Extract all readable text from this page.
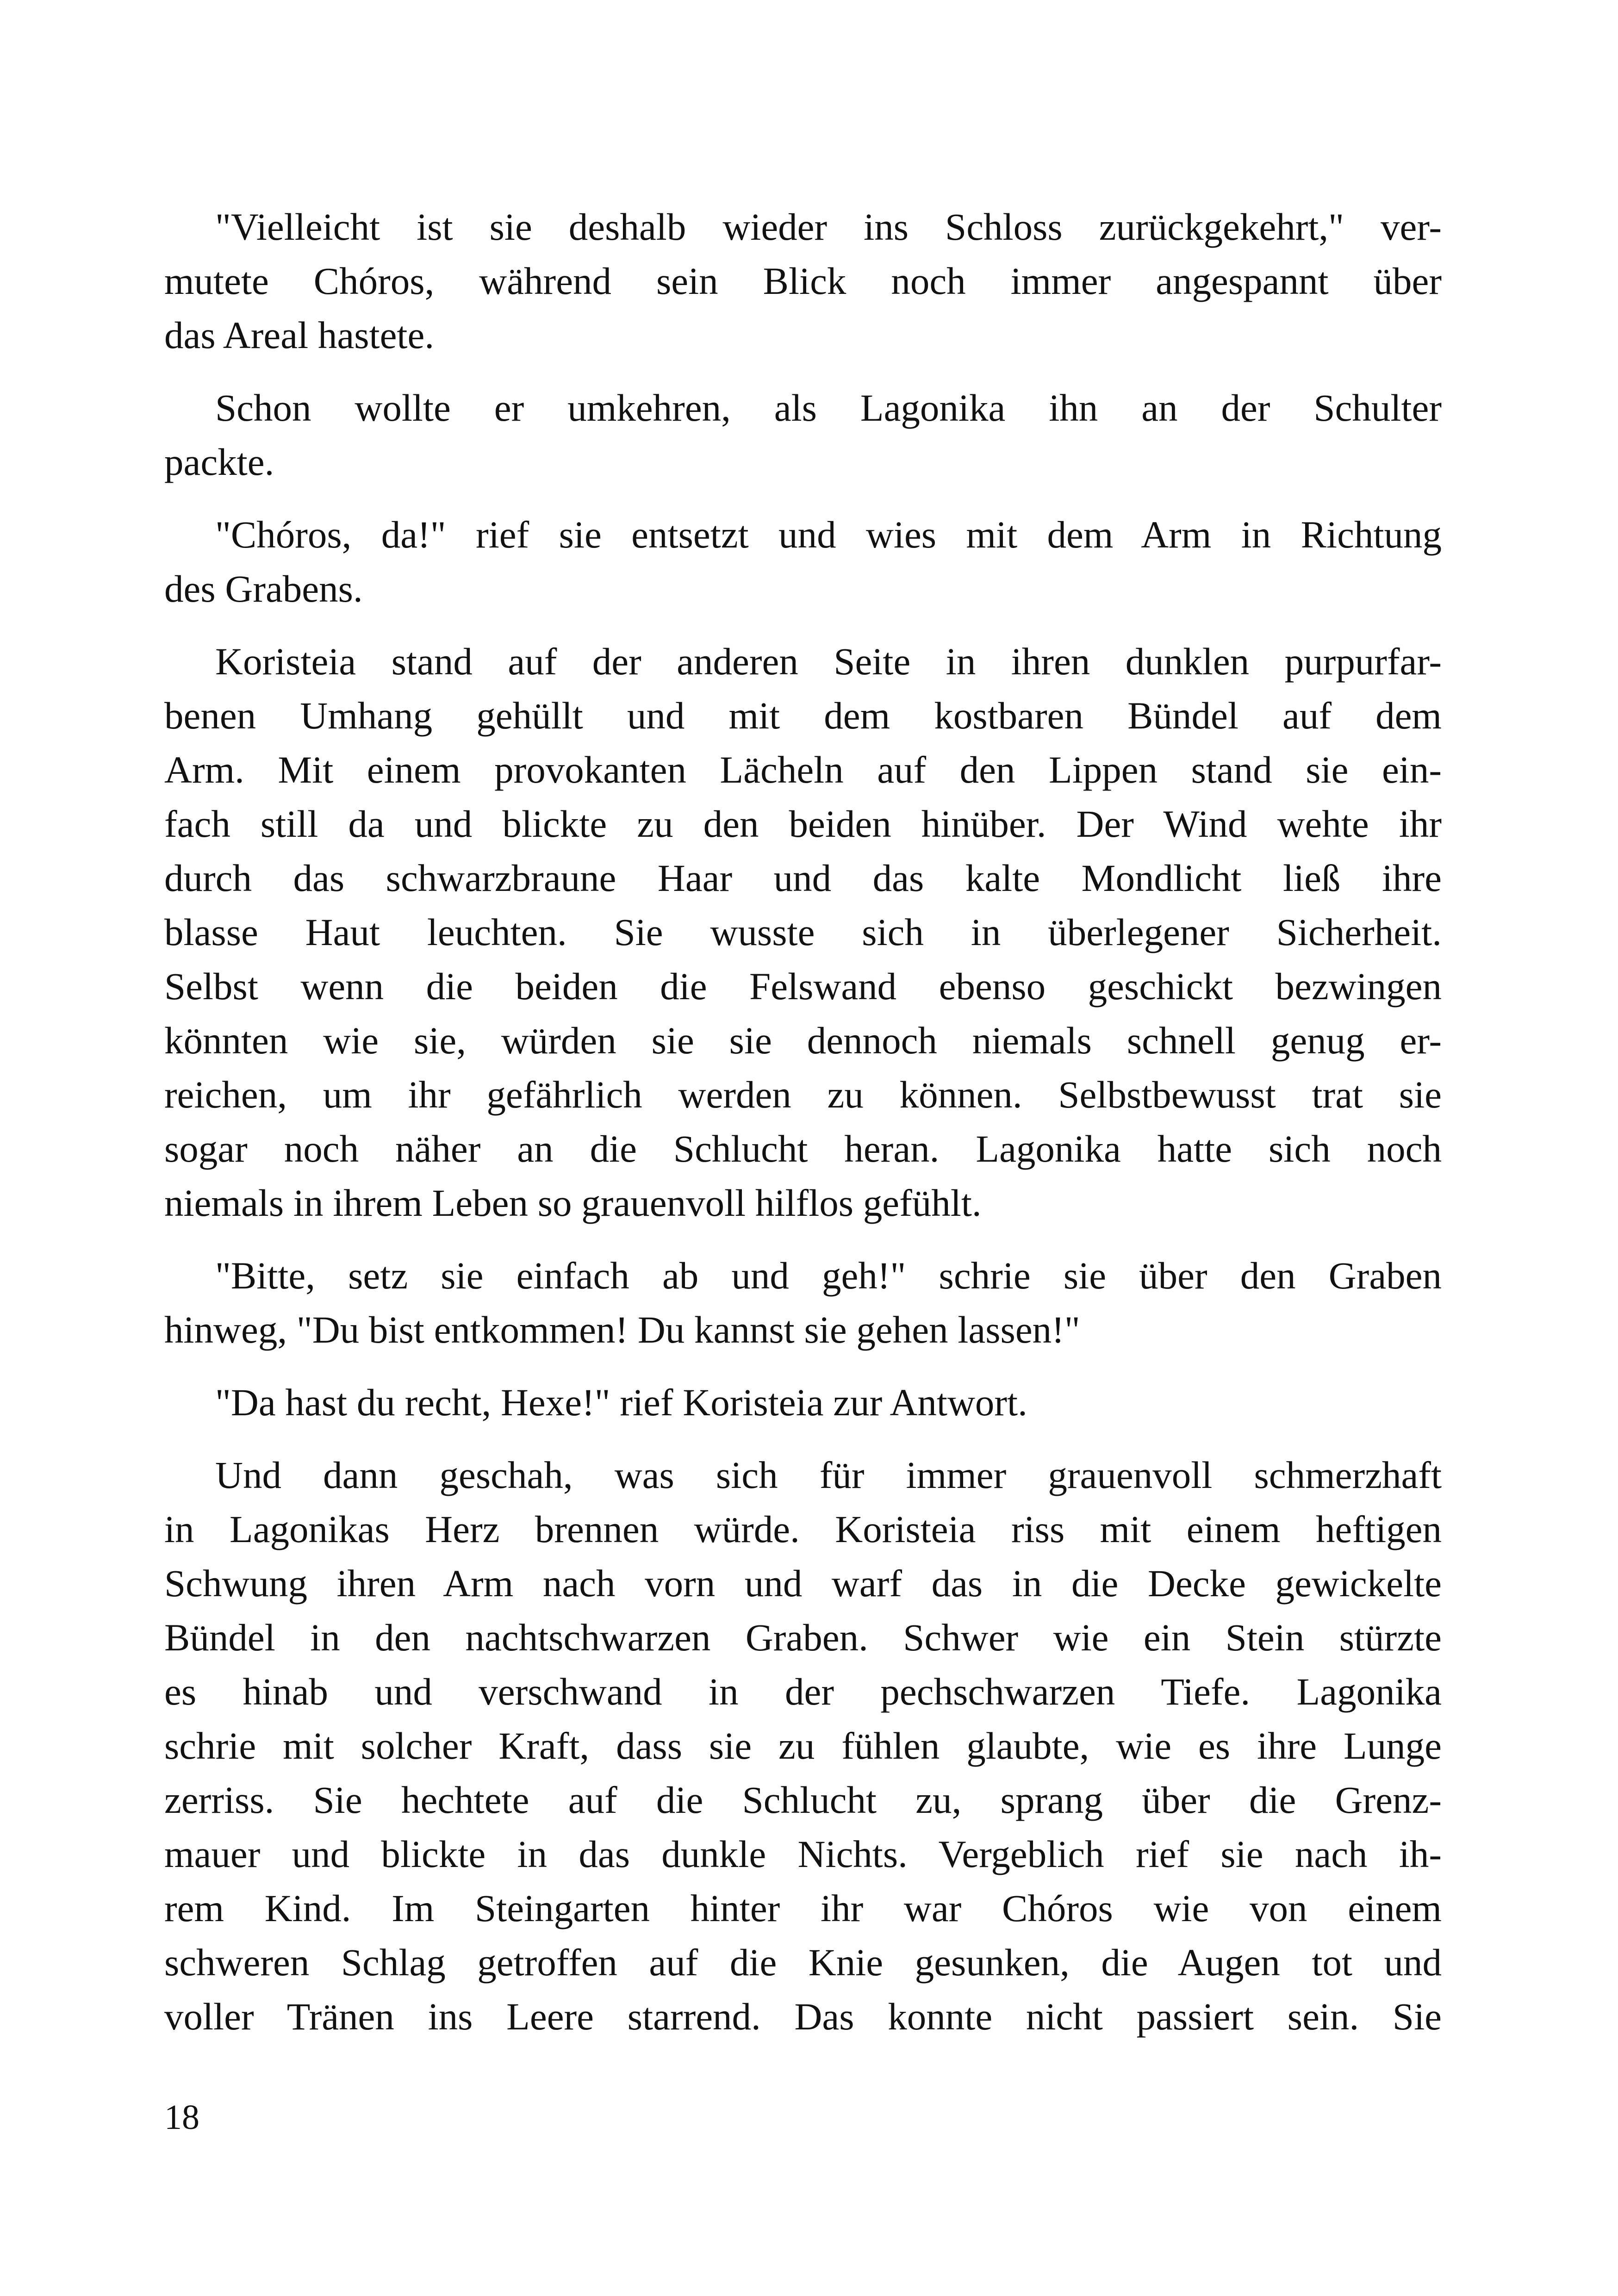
"Vielleicht ist sie deshalb wieder ins Schloss zurückgekehrt," ver-
mutete Chóros, während sein Blick noch immer angespannt über
das Areal hastete.
Schon wollte er umkehren, als Lagonika ihn an der Schulter
packte.
"Chóros, da!" rief sie entsetzt und wies mit dem Arm in Richtung
des Grabens.
Koristeia stand auf der anderen Seite in ihren dunklen purpurfar-
benen Umhang gehüllt und mit dem kostbaren Bündel auf dem
Arm. Mit einem provokanten Lächeln auf den Lippen stand sie ein-
fach still da und blickte zu den beiden hinüber. Der Wind wehte ihr
durch das schwarzbraune Haar und das kalte Mondlicht ließ ihre
blasse Haut leuchten. Sie wusste sich in überlegener Sicherheit.
Selbst wenn die beiden die Felswand ebenso geschickt bezwingen
könnten wie sie, würden sie sie dennoch niemals schnell genug er-
reichen, um ihr gefährlich werden zu können. Selbstbewusst trat sie
sogar noch näher an die Schlucht heran. Lagonika hatte sich noch
niemals in ihrem Leben so grauenvoll hilflos gefühlt.
"Bitte, setz sie einfach ab und geh!" schrie sie über den Graben
hinweg, "Du bist entkommen! Du kannst sie gehen lassen!"
"Da hast du recht, Hexe!" rief Koristeia zur Antwort.
Und dann geschah, was sich für immer grauenvoll schmerzhaft
in Lagonikas Herz brennen würde. Koristeia riss mit einem heftigen
Schwung ihren Arm nach vorn und warf das in die Decke gewickelte
Bündel in den nachtschwarzen Graben. Schwer wie ein Stein stürzte
es hinab und verschwand in der pechschwarzen Tiefe. Lagonika
schrie mit solcher Kraft, dass sie zu fühlen glaubte, wie es ihre Lunge
zerriss. Sie hechtete auf die Schlucht zu, sprang über die Grenz-
mauer und blickte in das dunkle Nichts. Vergeblich rief sie nach ih-
rem Kind. Im Steingarten hinter ihr war Chóros wie von einem
schweren Schlag getroffen auf die Knie gesunken, die Augen tot und
voller Tränen ins Leere starrend. Das konnte nicht passiert sein. Sie
18
